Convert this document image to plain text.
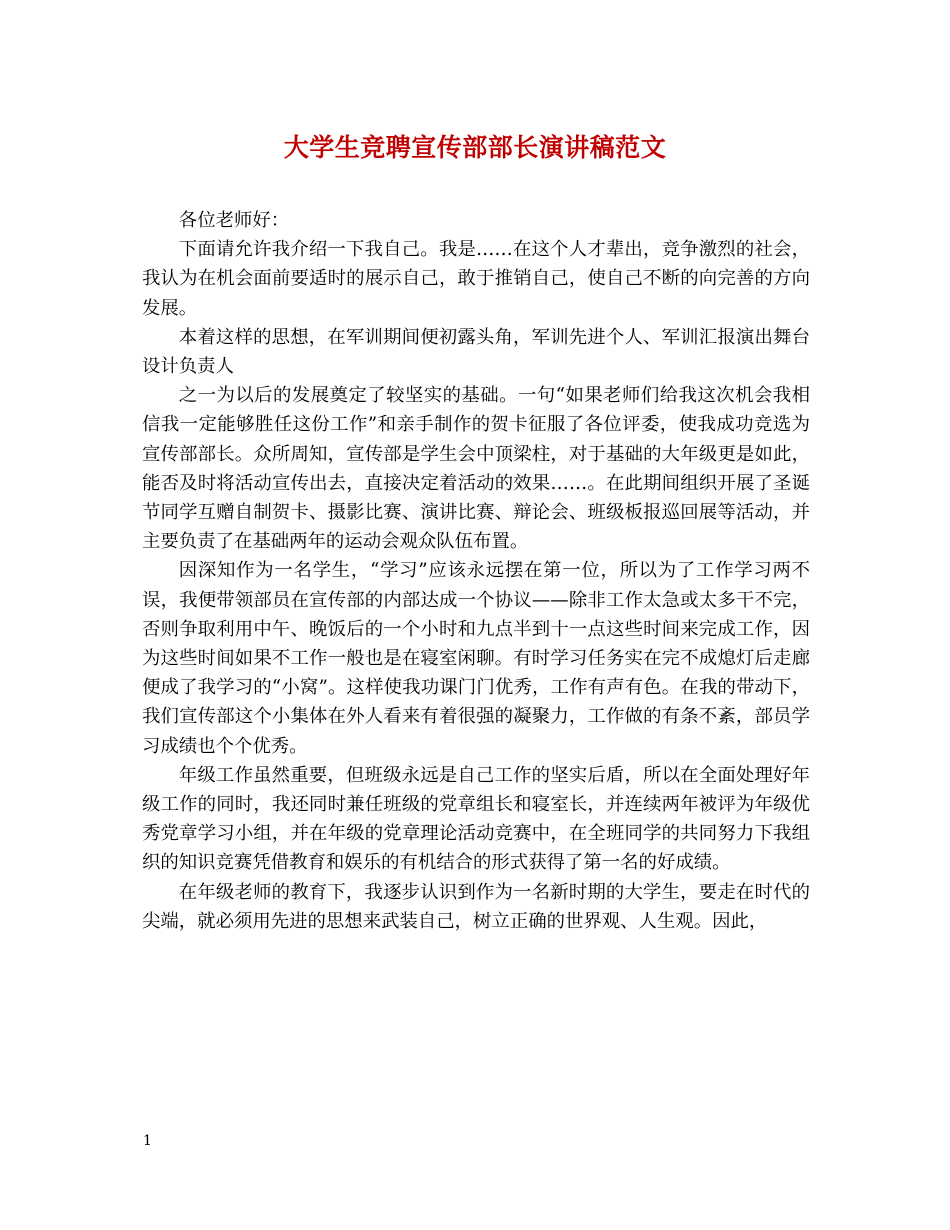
大学生竞聘宣传部部长演讲稿范文

各位老师好：

下面请允许我介绍一下我自己。我是……在这个人才辈出，竞争激烈的社会，我认为在机会面前要适时的展示自己，敢于推销自己，使自己不断的向完善的方向发展。

本着这样的思想，在军训期间便初露头角，军训先进个人、军训汇报演出舞台设计负责人

之一为以后的发展奠定了较坚实的基础。一句“如果老师们给我这次机会我相信我一定能够胜任这份工作”和亲手制作的贺卡征服了各位评委，使我成功竞选为宣传部部长。众所周知，宣传部是学生会中顶梁柱，对于基础的大年级更是如此，能否及时将活动宣传出去，直接决定着活动的效果……。在此期间组织开展了圣诞节同学互赠自制贺卡、摄影比赛、演讲比赛、辩论会、班级板报巡回展等活动，并主要负责了在基础两年的运动会观众队伍布置。

因深知作为一名学生，“学习”应该永远摆在第一位，所以为了工作学习两不误，我便带领部员在宣传部的内部达成一个协议——除非工作太急或太多干不完，否则争取利用中午、晚饭后的一个小时和九点半到十一点这些时间来完成工作，因为这些时间如果不工作一般也是在寝室闲聊。有时学习任务实在完不成熄灯后走廊便成了我学习的“小窝”。这样使我功课门门优秀，工作有声有色。在我的带动下，我们宣传部这个小集体在外人看来有着很强的凝聚力，工作做的有条不紊，部员学习成绩也个个优秀。

年级工作虽然重要，但班级永远是自己工作的坚实后盾，所以在全面处理好年级工作的同时，我还同时兼任班级的党章组长和寝室长，并连续两年被评为年级优秀党章学习小组，并在年级的党章理论活动竞赛中，在全班同学的共同努力下我组织的知识竞赛凭借教育和娱乐的有机结合的形式获得了第一名的好成绩。

在年级老师的教育下，我逐步认识到作为一名新时期的大学生，要走在时代的尖端，就必须用先进的思想来武装自己，树立正确的世界观、人生观。因此，

1
